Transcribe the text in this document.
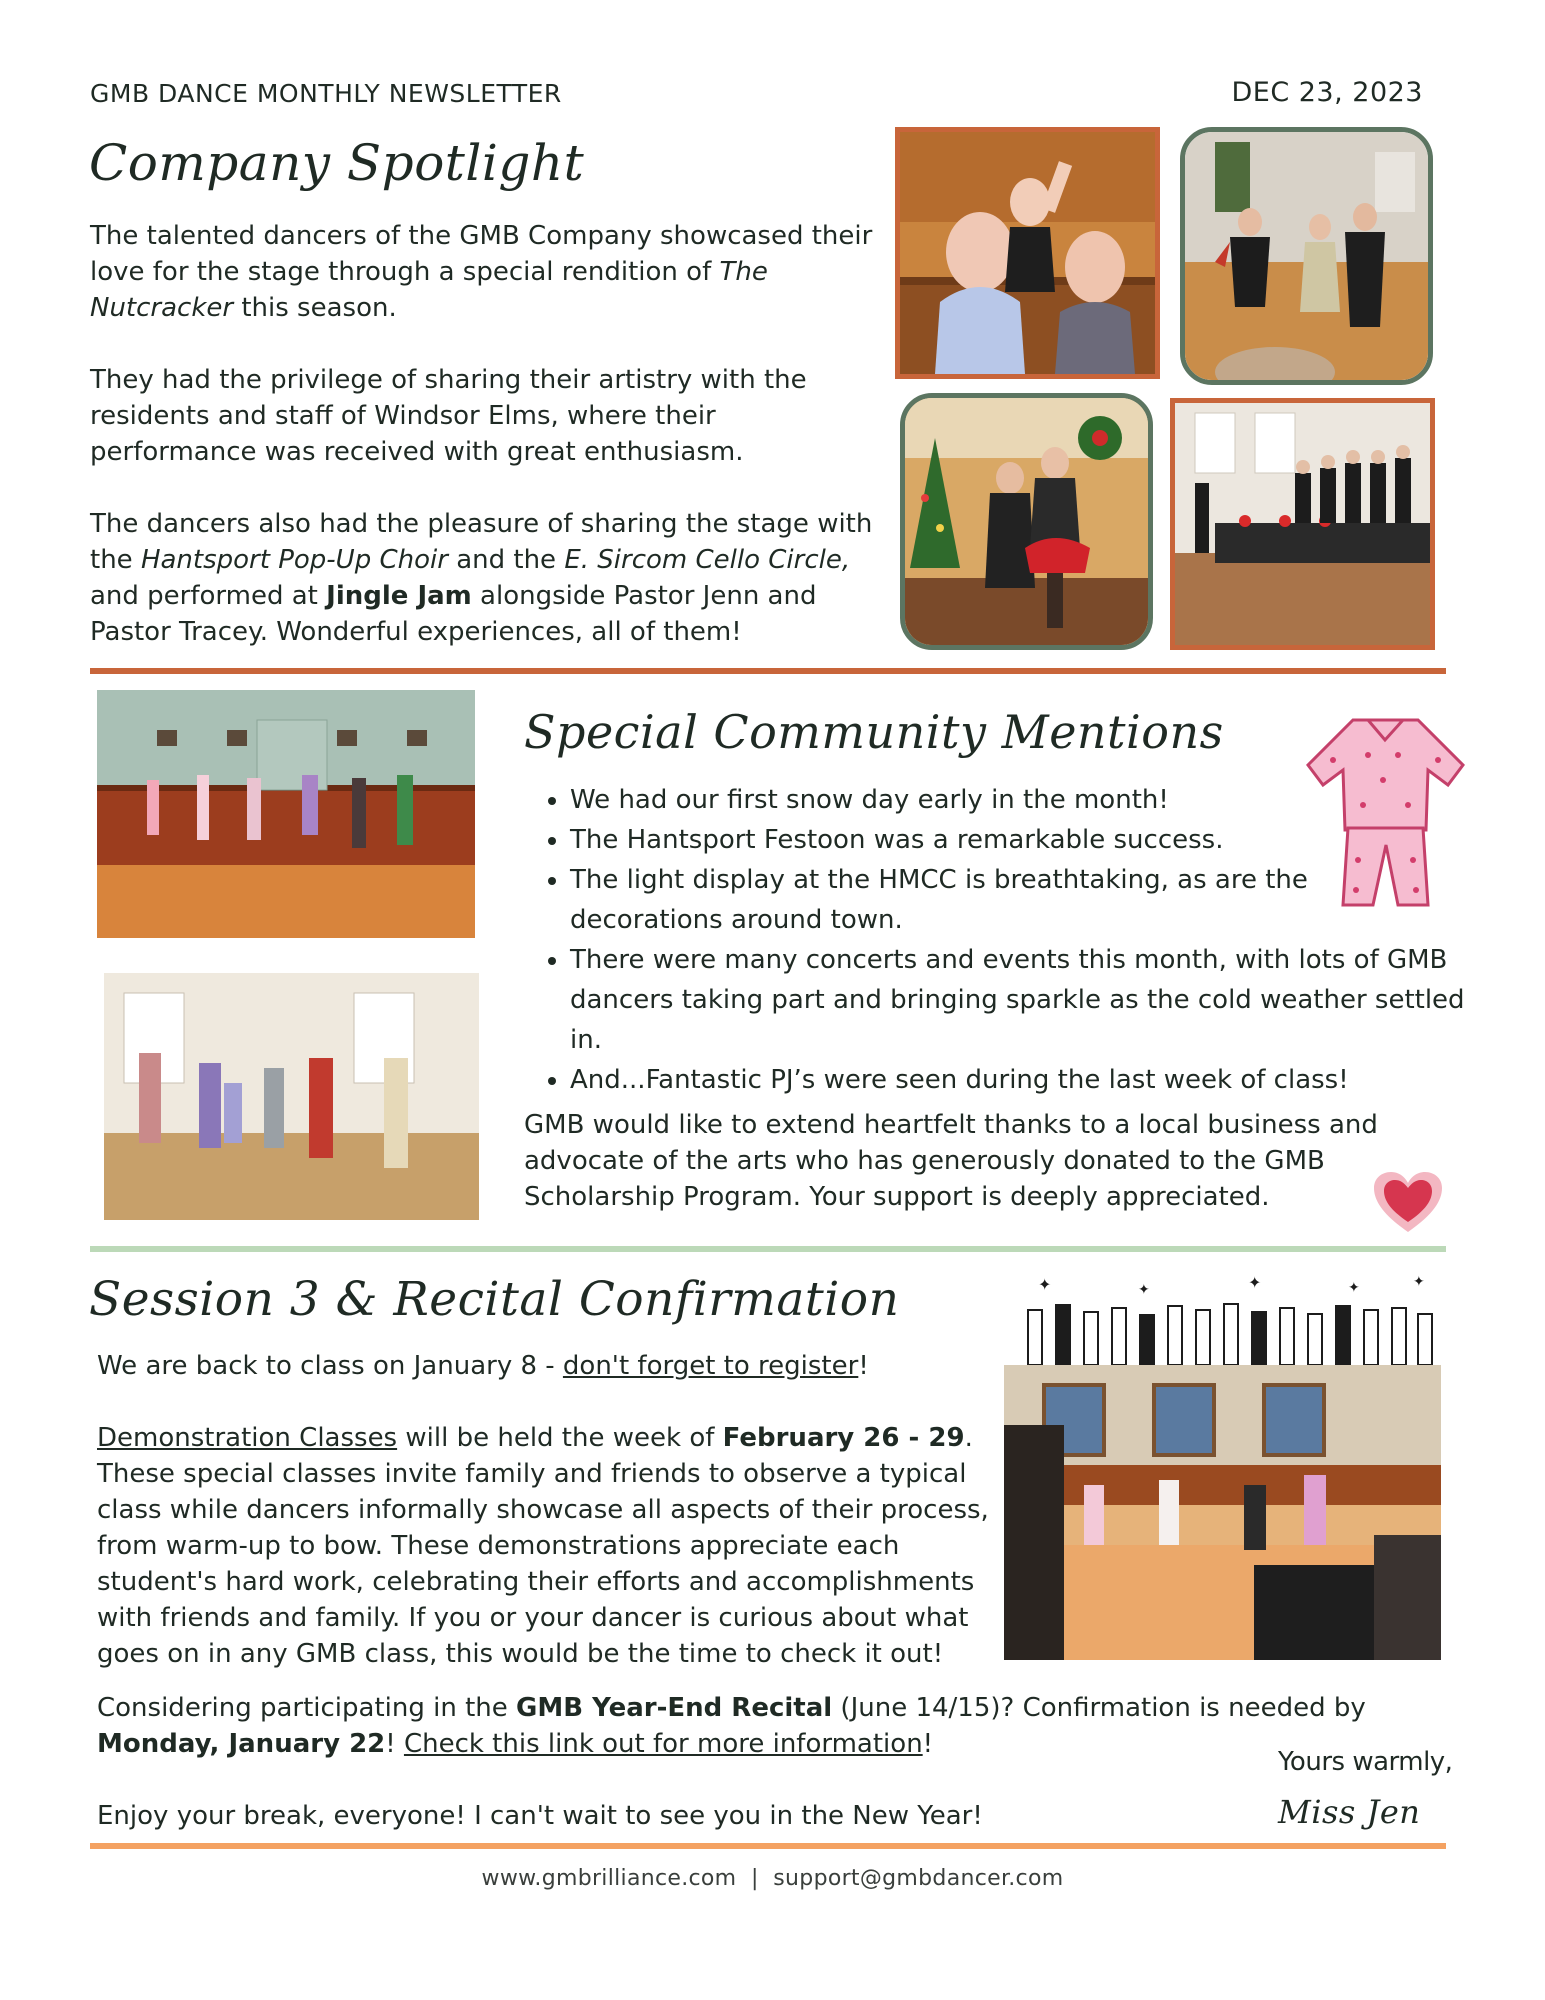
GMB DANCE MONTHLY NEWSLETTER	DEC 23, 2023
Company Spotlight

The talented dancers of the GMB Company showcased their love for the stage through a special rendition of The Nutcracker this season.

They had the privilege of sharing their artistry with the residents and staff of Windsor Elms, where their performance was received with great enthusiasm.

The dancers also had the pleasure of sharing the stage with the Hantsport Pop-Up Choir and the E. Sircom Cello Circle, and performed at Jingle Jam alongside Pastor Jenn and Pastor Tracey. Wonderful experiences, all of them!

Special Community Mentions
• We had our first snow day early in the month!
• The Hantsport Festoon was a remarkable success.
• The light display at the HMCC is breathtaking, as are the decorations around town.
• There were many concerts and events this month, with lots of GMB dancers taking part and bringing sparkle as the cold weather settled in.
• And...Fantastic PJ’s were seen during the last week of class!

GMB would like to extend heartfelt thanks to a local business and advocate of the arts who has generously donated to the GMB Scholarship Program. Your support is deeply appreciated.

Session 3 & Recital Confirmation

We are back to class on January 8 - don't forget to register!

Demonstration Classes will be held the week of February 26 - 29. These special classes invite family and friends to observe a typical class while dancers informally showcase all aspects of their process, from warm-up to bow. These demonstrations appreciate each student's hard work, celebrating their efforts and accomplishments with friends and family. If you or your dancer is curious about what goes on in any GMB class, this would be the time to check it out!

Considering participating in the GMB Year-End Recital (June 14/15)? Confirmation is needed by Monday, January 22! Check this link out for more information!

Enjoy your break, everyone! I can't wait to see you in the New Year!

✦	✦	✦	✦	✦
Yours warmly,
Miss Jen
www.gmbrilliance.com | support@gmbdancer.com
